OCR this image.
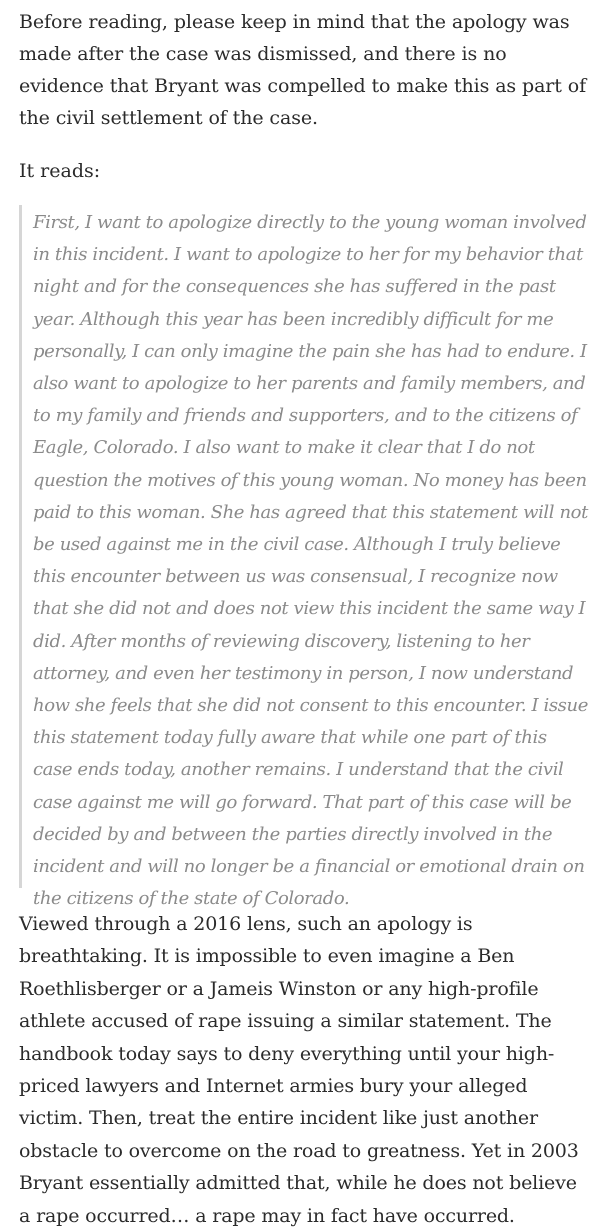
Before reading, please keep in mind that the apology was made after the case was dismissed, and there is no evidence that Bryant was compelled to make this as part of the civil settlement of the case.

It reads:

First, I want to apologize directly to the young woman involved in this incident. I want to apologize to her for my behavior that night and for the consequences she has suffered in the past year. Although this year has been incredibly difficult for me personally, I can only imagine the pain she has had to endure. I also want to apologize to her parents and family members, and to my family and friends and supporters, and to the citizens of Eagle, Colorado. I also want to make it clear that I do not question the motives of this young woman. No money has been paid to this woman. She has agreed that this statement will not be used against me in the civil case. Although I truly believe this encounter between us was consensual, I recognize now that she did not and does not view this incident the same way I did. After months of reviewing discovery, listening to her attorney, and even her testimony in person, I now understand how she feels that she did not consent to this encounter. I issue this statement today fully aware that while one part of this case ends today, another remains. I understand that the civil case against me will go forward. That part of this case will be decided by and between the parties directly involved in the incident and will no longer be a financial or emotional drain on the citizens of the state of Colorado.

Viewed through a 2016 lens, such an apology is breathtaking. It is impossible to even imagine a Ben Roethlisberger or a Jameis Winston or any high-profile athlete accused of rape issuing a similar statement. The handbook today says to deny everything until your high-priced lawyers and Internet armies bury your alleged victim. Then, treat the entire incident like just another obstacle to overcome on the road to greatness. Yet in 2003 Bryant essentially admitted that, while he does not believe a rape occurred… a rape may in fact have occurred.
